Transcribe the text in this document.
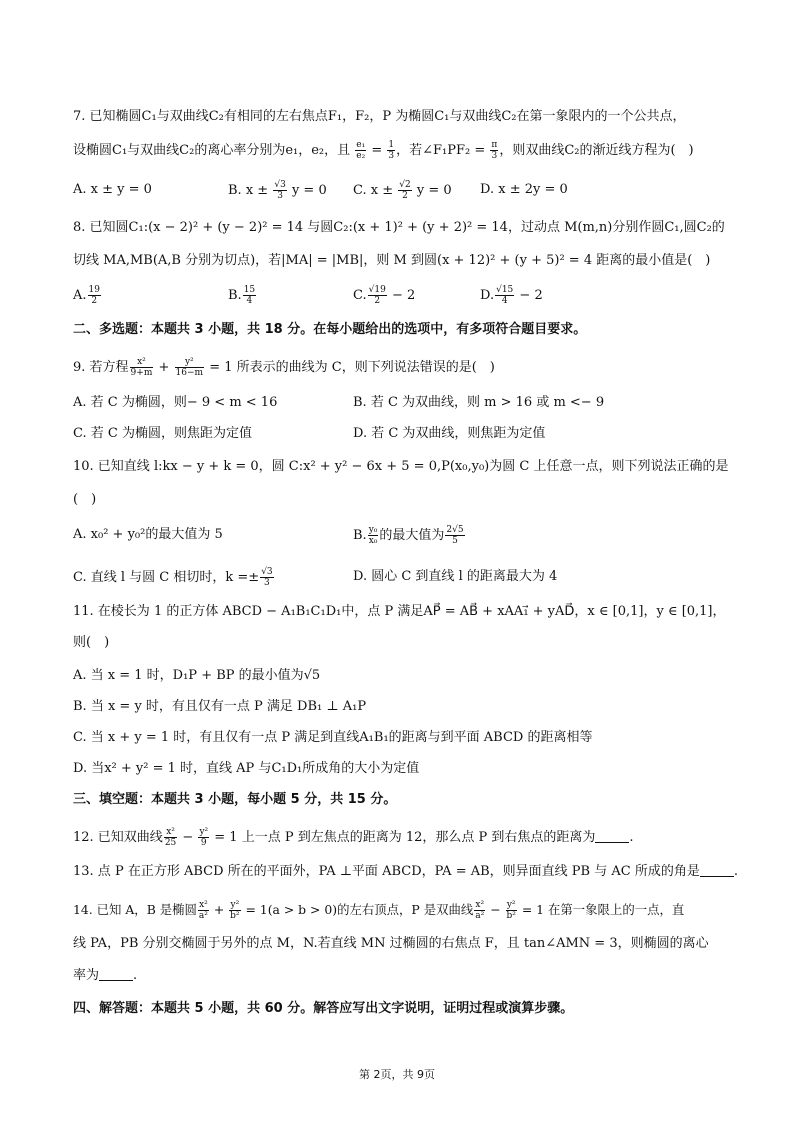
7. 已知椭圆C₁与双曲线C₂有相同的左右焦点F₁，F₂，P 为椭圆C₁与双曲线C₂在第一象限内的一个公共点，
设椭圆C₁与双曲线C₂的离心率分别为e₁，e₂，且 $\frac{\text{e₁}}{\text{e₂}} = \frac{1}{3}$ ，若∠F₁PF₂ = $\frac{\pi}{3}$ ，则双曲线C₂的渐近线方程为(　)
A. x ± y = 0	B. $x \pm \frac{√3}{3}$ y = 0 C. $x \pm \frac{√2}{2}$ y = 0 D. x ± 2y = 0
8. 已知圆C₁:(x − 2)² + (y − 2)² = 14 与圆C₂:(x + 1)² + (y + 2)² = 14，过动点 M(m,n)分别作圆C₁,圆C₂的
切线 MA,MB(A,B 分别为切点)，若|MA| = |MB|，则 M 到圆(x + 12)² + (y + 5)² = 4 距离的最小值是(　)
A. $\frac{19}{2}$	B. $\frac{15}{4}$	C. $\frac{√19}{2} - 2$	D. $\frac{√15}{4} - 2$
二、多选题：本题共 3 小题，共 18 分。在每小题给出的选项中，有多项符合题目要求。
9. 若方程 $\frac{\text{x²}}{9+m} + \frac{\text{y²}}{16-m} = 1$ 所表示的曲线为 C，则下列说法错误的是(　)
A. 若 C 为椭圆，则− 9 < m < 16	B. 若 C 为双曲线，则 m > 16 或 m <− 9
C. 若 C 为椭圆，则焦距为定值	D. 若 C 为双曲线，则焦距为定值
10. 已知直线 l:kx − y + k = 0，圆 C:x² + y² − 6x + 5 = 0,P(x₀,y₀)为圆 C 上任意一点，则下列说法正确的是
(　)
A. x₀² + y₀²的最大值为 5	B. $\frac{\text{y₀}}{\text{x₀}}$ 的最大值为 $\frac{2√5}{5}$
C. 直线 l 与圆 C 相切时，$k =\pm \frac{√3}{3}$	D. 圆心 C 到直线 l 的距离最大为 4
11. 在棱长为 1 的正方体 ABCD − A₁B₁C₁D₁中，点 P 满足AP⃗ = AB⃗ + xAA₁⃗ + yAD⃗，x ∈ [0,1]，y ∈ [0,1]，
则(　)
A. 当 x = 1 时，D₁P + BP 的最小值为√5
B. 当 x = y 时，有且仅有一点 P 满足 DB₁ ⊥ A₁P
C. 当 x + y = 1 时，有且仅有一点 P 满足到直线A₁B₁的距离与到平面 ABCD 的距离相等
D. 当x² + y² = 1 时，直线 AP 与C₁D₁所成角的大小为定值
三、填空题：本题共 3 小题，每小题 5 分，共 15 分。
12. 已知双曲线 $\frac{\text{x²}}{25} - \frac{\text{y²}}{9} = 1$ 上一点 P 到左焦点的距离为 12，那么点 P 到右焦点的距离为	.
13. 点 P 在正方形 ABCD 所在的平面外，PA ⊥平面 ABCD，PA = AB，则异面直线 PB 与 AC 所成的角是	.
14. 已知 A，B 是椭圆 $\frac{\text{x²}}{\text{a²}} + \frac{\text{y²}}{\text{b²}} = 1(a > b > 0)$的左右顶点，P 是双曲线 $\frac{\text{x²}}{\text{a²}} - \frac{\text{y²}}{\text{b²}} = 1$ 在第一象限上的一点，直
线 PA，PB 分别交椭圆于另外的点 M，N.若直线 MN 过椭圆的右焦点 F，且 tan∠AMN = 3，则椭圆的离心
率为	.
四、解答题：本题共 5 小题，共 60 分。解答应写出文字说明，证明过程或演算步骤。
第 2页，共 9页
